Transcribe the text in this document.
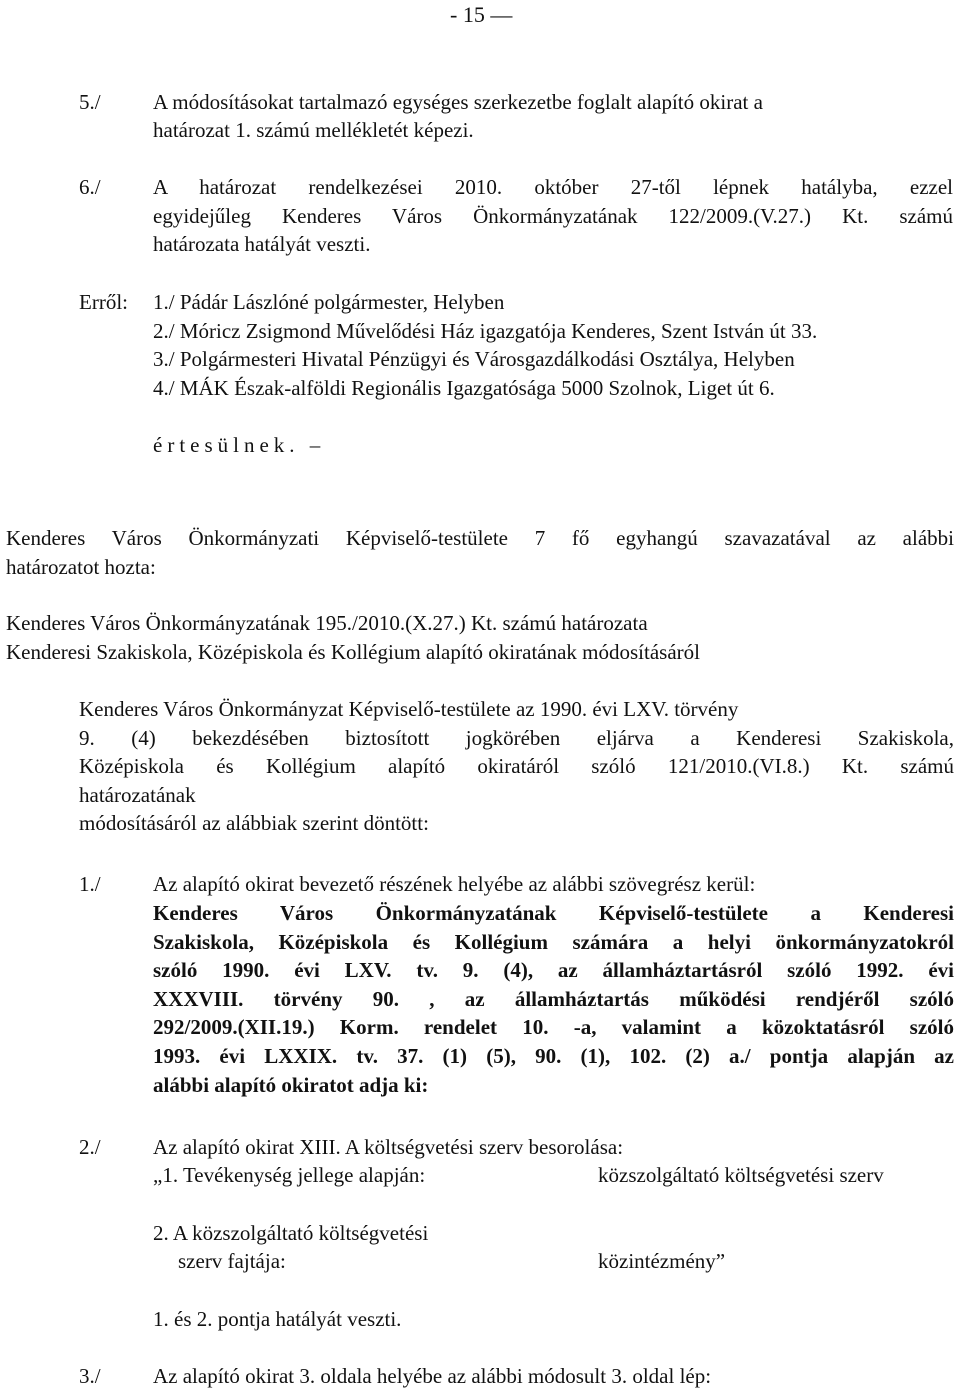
- 15 —
5./ A módosításokat tartalmazó egységes szerkezetbe foglalt alapító okirat a
határozat 1. számú mellékletét képezi.
6./ A határozat rendelkezései 2010. október 27-től lépnek hatályba, ezzel
egyidejűleg Kenderes Város Önkormányzatának 122/2009.(V.27.) Kt. számú
határozata hatályát veszti.
Erről: 1./ Pádár Lászlóné polgármester, Helyben
2./ Móricz Zsigmond Művelődési Ház igazgatója Kenderes, Szent István út 33.
3./ Polgármesteri Hivatal Pénzügyi és Városgazdálkodási Osztálya, Helyben
4./ MÁK Észak-alföldi Regionális Igazgatósága 5000 Szolnok, Liget út 6.
értesülnek. –
Kenderes Város Önkormányzati Képviselő-testülete 7 fő egyhangú szavazatával az alábbi
határozatot hozta:
Kenderes Város Önkormányzatának 195./2010.(X.27.) Kt. számú határozata
Kenderesi Szakiskola, Középiskola és Kollégium alapító okiratának módosításáról
Kenderes Város Önkormányzat Képviselő-testülete az 1990. évi LXV. törvény
9. (4) bekezdésében biztosított jogkörében eljárva a Kenderesi Szakiskola,
Középiskola és Kollégium alapító okiratáról szóló 121/2010.(VI.8.) Kt. számú
határozatának
módosításáról az alábbiak szerint döntött:
1./ Az alapító okirat bevezető részének helyébe az alábbi szövegrész kerül:
Kenderes Város Önkormányzatának Képviselő-testülete a Kenderesi
Szakiskola, Középiskola és Kollégium számára a helyi önkormányzatokról
szóló 1990. évi LXV. tv. 9. (4), az államháztartásról szóló 1992. évi
XXXVIII. törvény 90. , az államháztartás működési rendjéről szóló
292/2009.(XII.19.) Korm. rendelet 10. -a, valamint a közoktatásról szóló
1993. évi LXXIX. tv. 37. (1) (5), 90. (1), 102. (2) a./ pontja alapján az
alábbi alapító okiratot adja ki:
2./ Az alapító okirat XIII. A költségvetési szerv besorolása:
„1. Tevékenység jellege alapján:	közszolgáltató költségvetési szerv
2. A közszolgáltató költségvetési
szerv fajtája:	közintézmény”
1. és 2. pontja hatályát veszti.
3./ Az alapító okirat 3. oldala helyébe az alábbi módosult 3. oldal lép:
